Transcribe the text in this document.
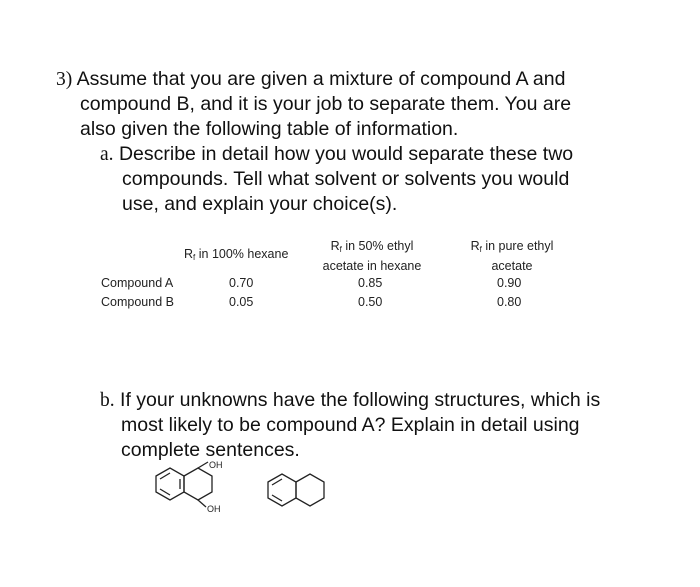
3) Assume that you are given a mixture of compound A and
compound B, and it is your job to separate them. You are
also given the following table of information.
a. Describe in detail how you would separate these two
compounds. Tell what solvent or solvents you would
use, and explain your choice(s).
Rf in 100% hexane
Rf in 50% ethyl
acetate in hexane
Rf in pure ethyl
acetate
Compound A	0.70	0.85	0.90
Compound B	0.05	0.50	0.80
b. If your unknowns have the following structures, which is
most likely to be compound A? Explain in detail using
complete sentences.
OH
OH
